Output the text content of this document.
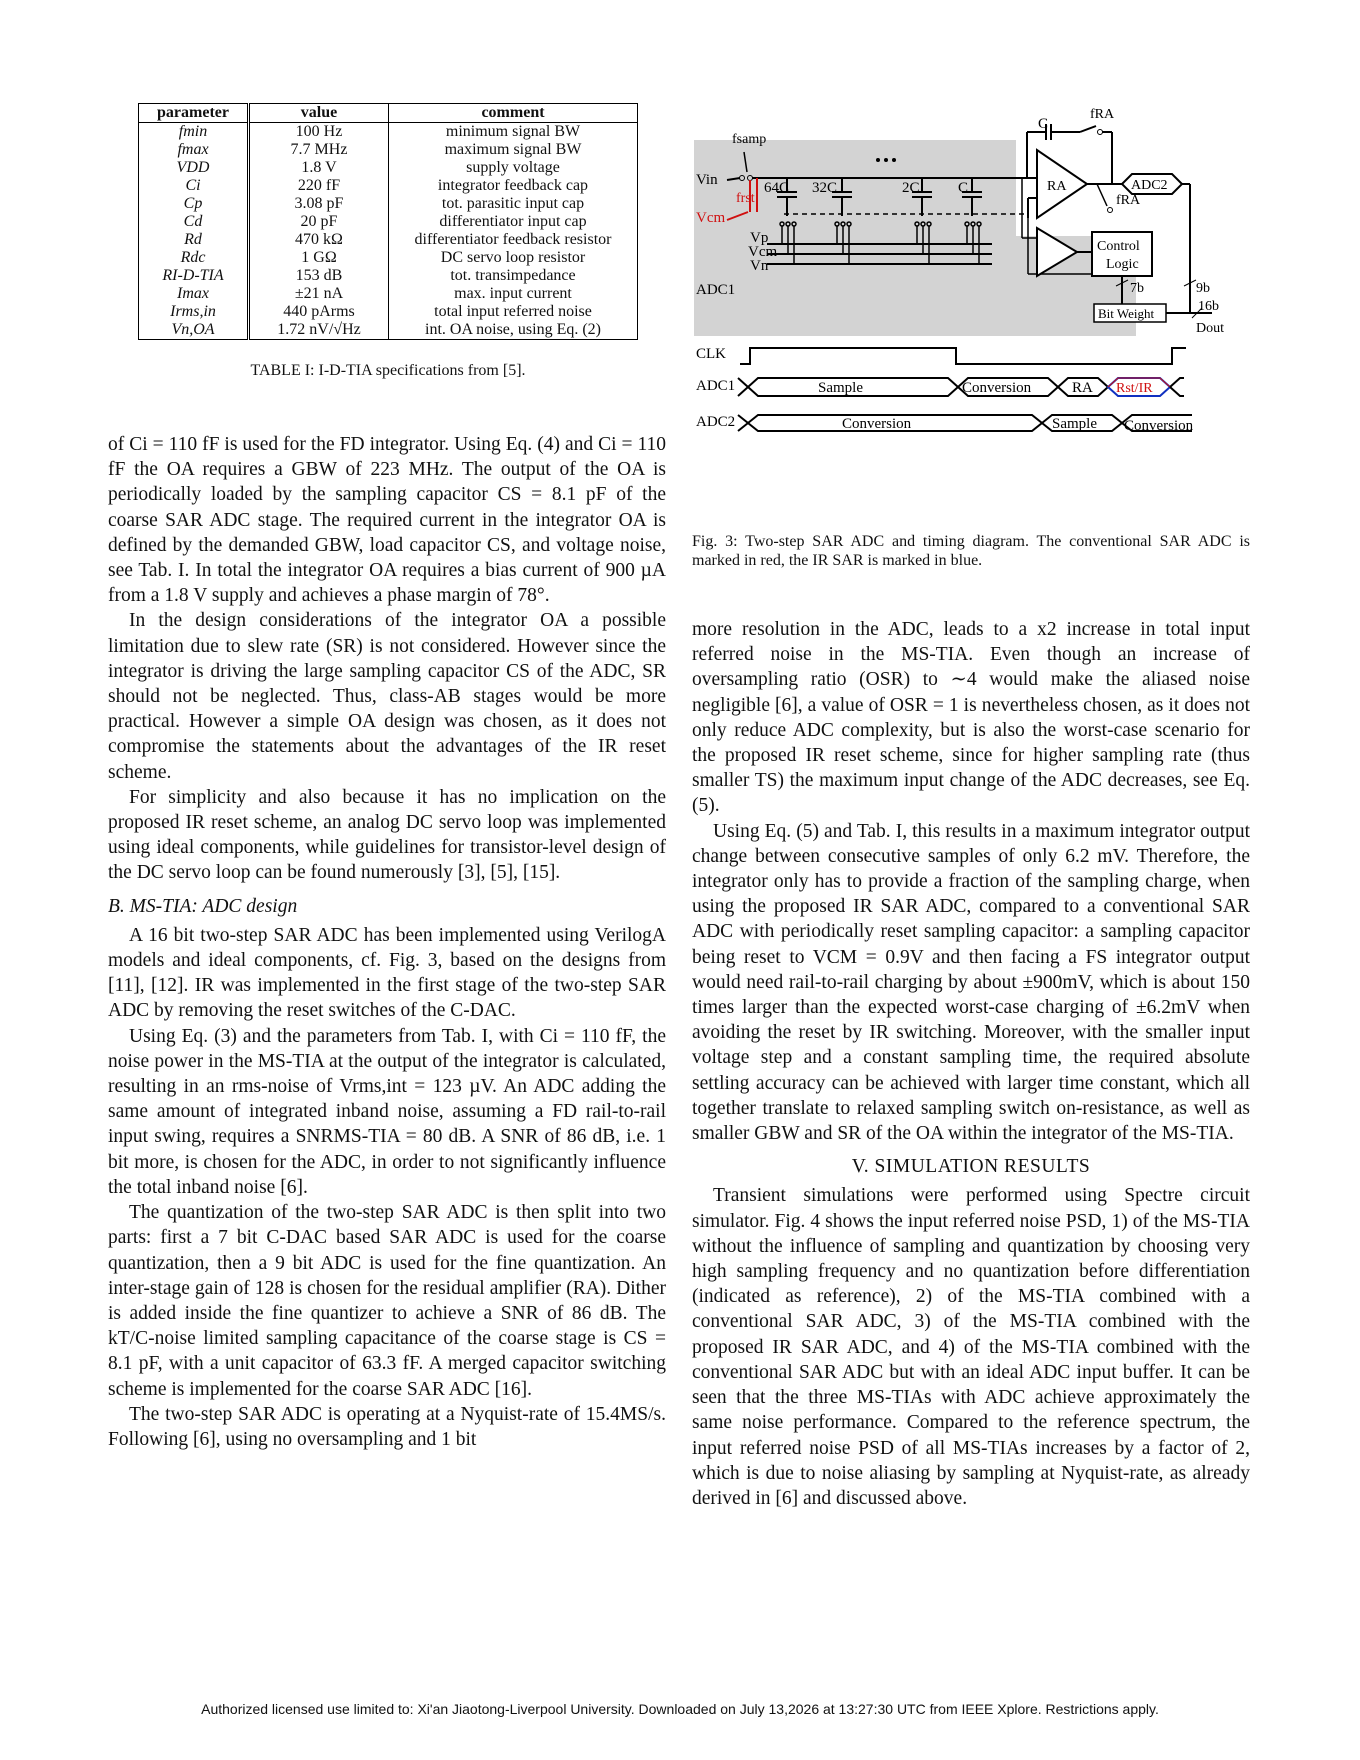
parameter	value	comment
fmin	100 Hz	minimum signal BW
fmax	7.7 MHz	maximum signal BW
VDD	1.8 V	supply voltage
Ci	220 fF	integrator feedback cap
Cp	3.08 pF	tot. parasitic input cap
Cd	20 pF	differentiator input cap
Rd	470 kΩ	differentiator feedback resistor
Rdc	1 GΩ	DC servo loop resistor
RI-D-TIA	153 dB	tot. transimpedance
Imax	±21 nA	max. input current
Irms,in	440 pArms	total input referred noise
Vn,OA	1.72 nV/√Hz	int. OA noise, using Eq. (2)
TABLE I: I-D-TIA specifications from [5].

of Ci = 110 fF is used for the FD integrator. Using Eq. (4) and Ci = 110 fF the OA requires a GBW of 223 MHz. The output of the OA is periodically loaded by the sampling capacitor CS = 8.1 pF of the coarse SAR ADC stage. The required current in the integrator OA is defined by the demanded GBW, load capacitor CS, and voltage noise, see Tab. I. In total the integrator OA requires a bias current of 900 µA from a 1.8 V supply and achieves a phase margin of 78°.

In the design considerations of the integrator OA a possible limitation due to slew rate (SR) is not considered. However since the integrator is driving the large sampling capacitor CS of the ADC, SR should not be neglected. Thus, class-AB stages would be more practical. However a simple OA design was chosen, as it does not compromise the statements about the advantages of the IR reset scheme.

For simplicity and also because it has no implication on the proposed IR reset scheme, an analog DC servo loop was implemented using ideal components, while guidelines for transistor-level design of the DC servo loop can be found numerously [3], [5], [15].

B. MS-TIA: ADC design

A 16 bit two-step SAR ADC has been implemented using VerilogA models and ideal components, cf. Fig. 3, based on the designs from [11], [12]. IR was implemented in the first stage of the two-step SAR ADC by removing the reset switches of the C-DAC.

Using Eq. (3) and the parameters from Tab. I, with Ci = 110 fF, the noise power in the MS-TIA at the output of the integrator is calculated, resulting in an rms-noise of Vrms,int = 123 µV. An ADC adding the same amount of integrated inband noise, assuming a FD rail-to-rail input swing, requires a SNRMS-TIA = 80 dB. A SNR of 86 dB, i.e. 1 bit more, is chosen for the ADC, in order to not significantly influence the total inband noise [6].

The quantization of the two-step SAR ADC is then split into two parts: first a 7 bit C-DAC based SAR ADC is used for the coarse quantization, then a 9 bit ADC is used for the fine quantization. An inter-stage gain of 128 is chosen for the residual amplifier (RA). Dither is added inside the fine quantizer to achieve a SNR of 86 dB. The kT/C-noise limited sampling capacitance of the coarse stage is CS = 8.1 pF, with a unit capacitor of 63.3 fF. A merged capacitor switching scheme is implemented for the coarse SAR ADC [16].

The two-step SAR ADC is operating at a Nyquist-rate of 15.4MS/s. Following [6], using no oversampling and 1 bit

fsamp
Vin
frst
Vcm
64C 32C	2C	C
Vp
Vcm
Vn
ADC1
C
fRA
RA	ADC2
fRA
Control
Logic
7b	9b
16b
Bit Weight
Dout
CLK
ADC1	Sample	Conversion	RA Rst/IR
ADC2	Conversion	Sample Conversion
Fig. 3: Two-step SAR ADC and timing diagram. The conventional SAR ADC is marked in red, the IR SAR is marked in blue.

more resolution in the ADC, leads to a x2 increase in total input referred noise in the MS-TIA. Even though an increase of oversampling ratio (OSR) to ∼4 would make the aliased noise negligible [6], a value of OSR = 1 is nevertheless chosen, as it does not only reduce ADC complexity, but is also the worst-case scenario for the proposed IR reset scheme, since for higher sampling rate (thus smaller TS) the maximum input change of the ADC decreases, see Eq. (5).

Using Eq. (5) and Tab. I, this results in a maximum integrator output change between consecutive samples of only 6.2 mV. Therefore, the integrator only has to provide a fraction of the sampling charge, when using the proposed IR SAR ADC, compared to a conventional SAR ADC with periodically reset sampling capacitor: a sampling capacitor being reset to VCM = 0.9V and then facing a FS integrator output would need rail-to-rail charging by about ±900mV, which is about 150 times larger than the expected worst-case charging of ±6.2mV when avoiding the reset by IR switching. Moreover, with the smaller input voltage step and a constant sampling time, the required absolute settling accuracy can be achieved with larger time constant, which all together translate to relaxed sampling switch on-resistance, as well as smaller GBW and SR of the OA within the integrator of the MS-TIA.

V. SIMULATION RESULTS

Transient simulations were performed using Spectre circuit simulator. Fig. 4 shows the input referred noise PSD, 1) of the MS-TIA without the influence of sampling and quantization by choosing very high sampling frequency and no quantization before differentiation (indicated as reference), 2) of the MS-TIA combined with a conventional SAR ADC, 3) of the MS-TIA combined with the proposed IR SAR ADC, and 4) of the MS-TIA combined with the conventional SAR ADC but with an ideal ADC input buffer. It can be seen that the three MS-TIAs with ADC achieve approximately the same noise performance. Compared to the reference spectrum, the input referred noise PSD of all MS-TIAs increases by a factor of 2, which is due to noise aliasing by sampling at Nyquist-rate, as already derived in [6] and discussed above.

Authorized licensed use limited to: Xi'an Jiaotong-Liverpool University. Downloaded on July 13,2026 at 13:27:30 UTC from IEEE Xplore. Restrictions apply.
